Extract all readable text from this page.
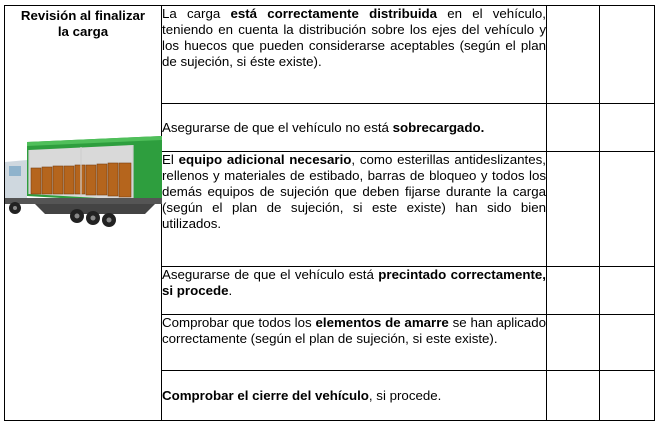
Revisión al finalizar
la carga	La carga está correctamente distribuida en el vehículo, teniendo en cuenta la distribución sobre los ejes del vehículo y los huecos que pueden considerarse aceptables (según el plan de sujeción, si éste existe).		
	Asegurarse de que el vehículo no está sobrecargado.		
	El equipo adicional necesario, como esterillas antideslizantes, rellenos y materiales de estibado, barras de bloqueo y todos los demás equipos de sujeción que deben fijarse durante la carga (según el plan de sujeción, si este existe) han sido bien utilizados.		
	Asegurarse de que el vehículo está precintado correctamente, si procede.		
	Comprobar que todos los elementos de amarre se han aplicado correctamente (según el plan de sujeción, si este existe).		
	Comprobar el cierre del vehículo, si procede.		
